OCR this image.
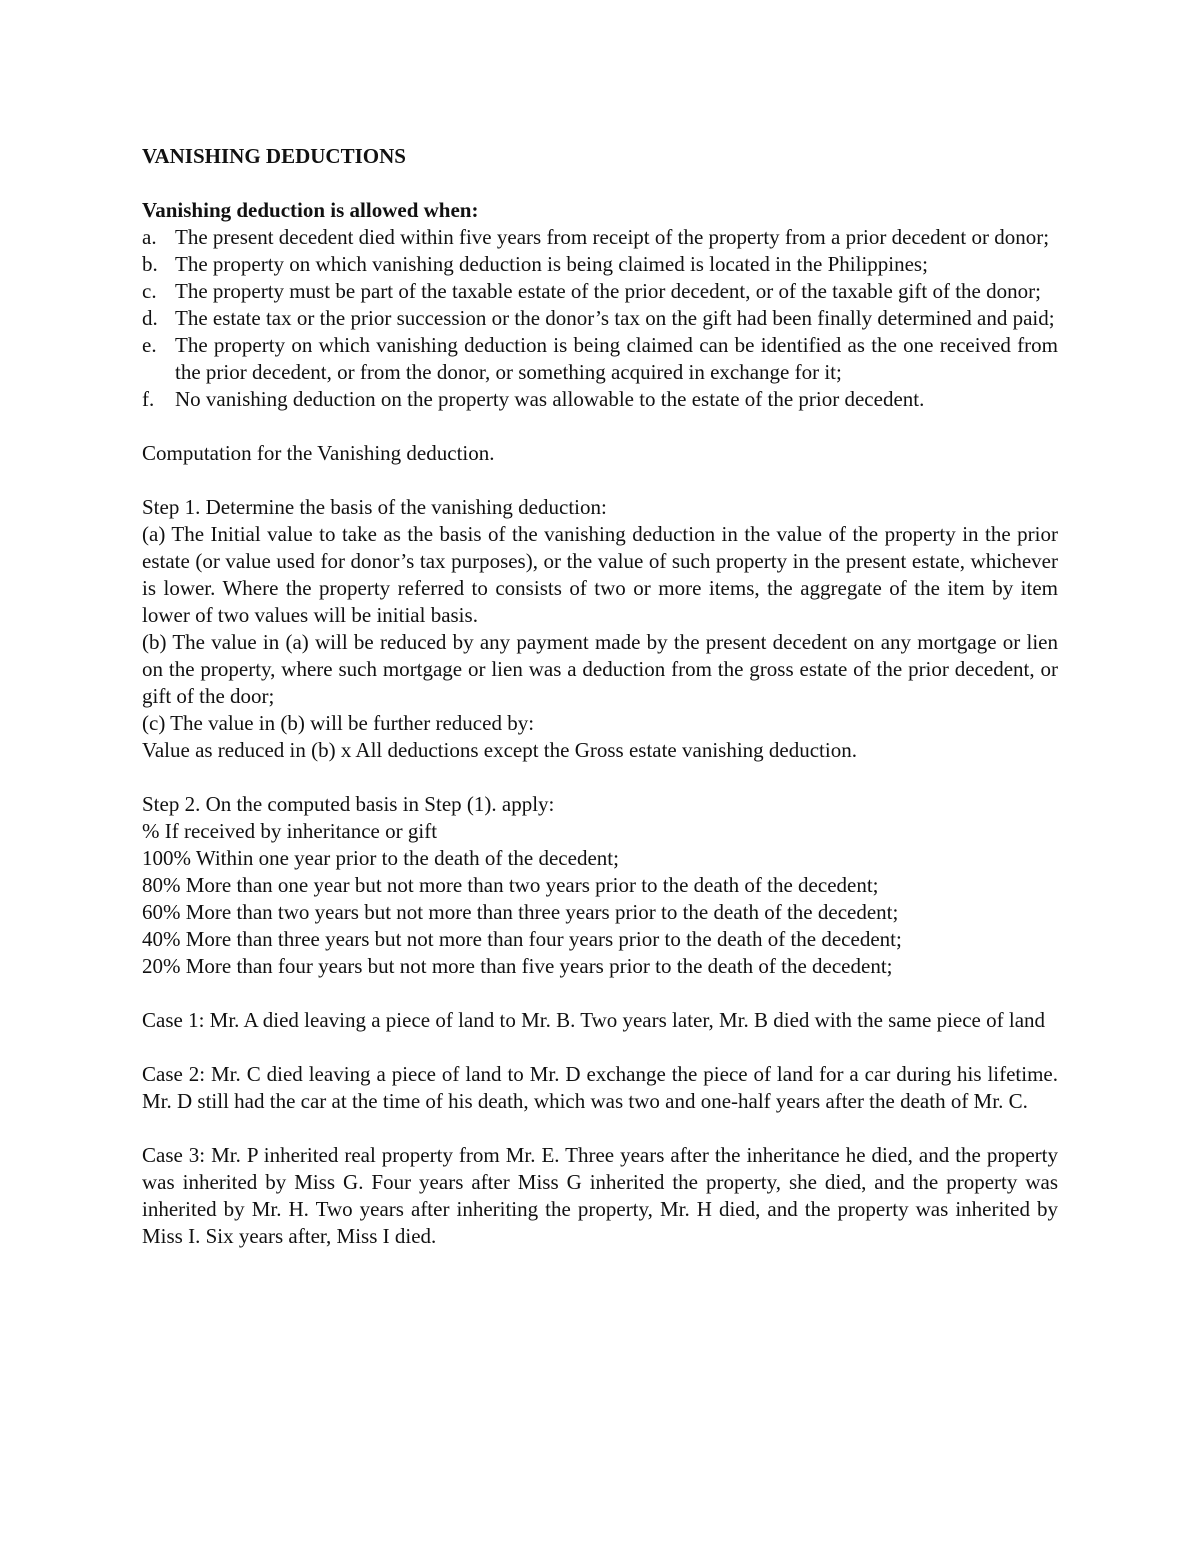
VANISHING DEDUCTIONS
Vanishing deduction is allowed when:
a. The present decedent died within five years from receipt of the property from a prior decedent or donor;
b. The property on which vanishing deduction is being claimed is located in the Philippines;
c. The property must be part of the taxable estate of the prior decedent, or of the taxable gift of the donor;
d. The estate tax or the prior succession or the donor’s tax on the gift had been finally determined and paid;
e. The property on which vanishing deduction is being claimed can be identified as the one received from the prior decedent, or from the donor, or something acquired in exchange for it;
f. No vanishing deduction on the property was allowable to the estate of the prior decedent.

Computation for the Vanishing deduction.

Step 1. Determine the basis of the vanishing deduction:

(a) The Initial value to take as the basis of the vanishing deduction in the value of the property in the prior estate (or value used for donor’s tax purposes), or the value of such property in the present estate, whichever is lower. Where the property referred to consists of two or more items, the aggregate of the item by item lower of two values will be initial basis.

(b) The value in (a) will be reduced by any payment made by the present decedent on any mortgage or lien on the property, where such mortgage or lien was a deduction from the gross estate of the prior decedent, or gift of the door;

(c) The value in (b) will be further reduced by:

Value as reduced in (b) x All deductions except the Gross estate vanishing deduction.

Step 2. On the computed basis in Step (1). apply:

% If received by inheritance or gift

100% Within one year prior to the death of the decedent;

80% More than one year but not more than two years prior to the death of the decedent;

60% More than two years but not more than three years prior to the death of the decedent;

40% More than three years but not more than four years prior to the death of the decedent;

20% More than four years but not more than five years prior to the death of the decedent;

Case 1: Mr. A died leaving a piece of land to Mr. B. Two years later, Mr. B died with the same piece of land

Case 2: Mr. C died leaving a piece of land to Mr. D exchange the piece of land for a car during his lifetime. Mr. D still had the car at the time of his death, which was two and one-half years after the death of Mr. C.

Case 3: Mr. P inherited real property from Mr. E. Three years after the inheritance he died, and the property was inherited by Miss G. Four years after Miss G inherited the property, she died, and the property was inherited by Mr. H. Two years after inheriting the property, Mr. H died, and the property was inherited by Miss I. Six years after, Miss I died.
